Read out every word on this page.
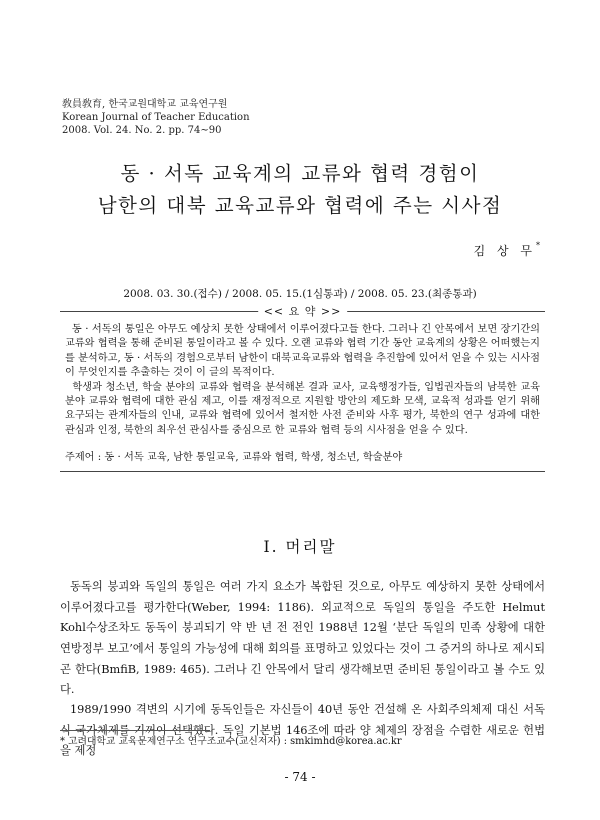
敎員敎育, 한국교원대학교 교육연구원
Korean Journal of Teacher Education
2008. Vol. 24. No. 2. pp. 74∼90
동 · 서독 교육계의 교류와 협력 경험이
남한의 대북 교육교류와 협력에 주는 시사점
김 상 무*
2008. 03. 30.(접수) / 2008. 05. 15.(1심통과) / 2008. 05. 23.(최종통과)
<< 요 약 >>

동 · 서독의 통일은 아무도 예상치 못한 상태에서 이루어졌다고들 한다. 그러나 긴 안목에서 보면 장기간의 교류와 협력을 통해 준비된 통일이라고 볼 수 있다. 오랜 교류와 협력 기간 동안 교육계의 상황은 어떠했는지를 분석하고, 동 · 서독의 경험으로부터 남한이 대북교육교류와 협력을 추진함에 있어서 얻을 수 있는 시사점이 무엇인지를 추출하는 것이 이 글의 목적이다.

학생과 청소년, 학술 분야의 교류와 협력을 분석해본 결과 교사, 교육행정가들, 입법권자들의 남북한 교육 분야 교류와 협력에 대한 관심 제고, 이를 재정적으로 지원할 방안의 제도화 모색, 교육적 성과를 얻기 위해 요구되는 관계자들의 인내, 교류와 협력에 있어서 철저한 사전 준비와 사후 평가, 북한의 연구 성과에 대한 관심과 인정, 북한의 최우선 관심사를 중심으로 한 교류와 협력 등의 시사점을 얻을 수 있다.

주제어 : 동 · 서독 교육, 남한 통일교육, 교류와 협력, 학생, 청소년, 학술분야
I. 머리말

동독의 붕괴와 독일의 통일은 여러 가지 요소가 복합된 것으로, 아무도 예상하지 못한 상태에서 이루어졌다고를 평가한다(Weber, 1994: 1186). 외교적으로 독일의 통일을 주도한 Helmut Kohl수상조차도 동독이 붕괴되기 약 반 년 전 전인 1988년 12월 ‘분단 독일의 민족 상황에 대한 연방정부 보고’에서 통일의 가능성에 대해 회의를 표명하고 있었다는 것이 그 증거의 하나로 제시되곤 한다(BmfiB, 1989: 465). 그러나 긴 안목에서 달리 생각해보면 준비된 통일이라고 볼 수도 있다.

1989/1990 격변의 시기에 동독인들은 자신들이 40년 동안 건설해 온 사회주의체제 대신 서독식 국가체제를 기꺼이 선택했다. 독일 기본법 146조에 따라 양 체제의 장점을 수렴한 새로운 헌법을 제정

* 고려대학교 교육문제연구소 연구조교수(교신저자) : smkimhd@korea.ac.kr
- 74 -
